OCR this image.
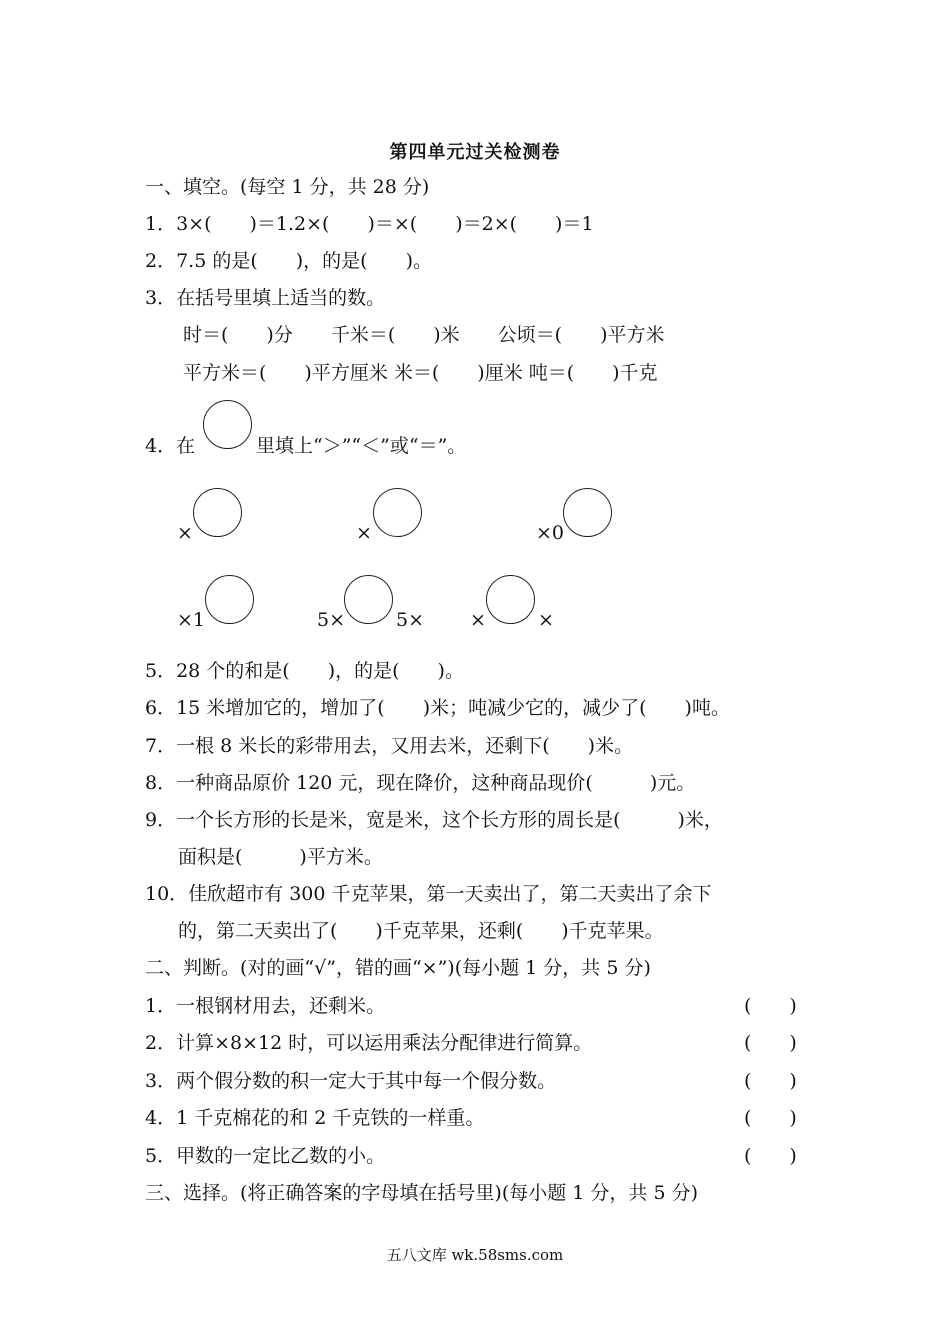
第四单元过关检测卷
一、填空。(每空 1 分，共 28 分)
1．3×(　　)＝1.2×(　　)＝×(　　)＝2×(　　)＝1
2．7.5 的是(　　)，的是(　　)。
3．在括号里填上适当的数。
时＝(　　)分　　千米＝(　　)米　　公顷＝(　　)平方米
平方米＝(　　)平方厘米 米＝(　　)厘米 吨＝(　　)千克
4．在	里填上“＞”“＜”或“＝”。
×	×	×0
×1	5×	5× ×	×
5．28 个的和是(　　)，的是(　　)。
6．15 米增加它的，增加了(　　)米；吨减少它的，减少了(　　)吨。
7．一根 8 米长的彩带用去，又用去米，还剩下(　　)米。
8．一种商品原价 120 元，现在降价，这种商品现价(　　　)元。
9．一个长方形的长是米，宽是米，这个长方形的周长是(　　　)米，
面积是(　　　)平方米。
10．佳欣超市有 300 千克苹果，第一天卖出了，第二天卖出了余下
的，第二天卖出了(　　)千克苹果，还剩(　　)千克苹果。
二、判断。(对的画“√”，错的画“×”)(每小题 1 分，共 5 分)
1．一根钢材用去，还剩米。	(　　)
2．计算×8×12 时，可以运用乘法分配律进行简算。	(　　)
3．两个假分数的积一定大于其中每一个假分数。	(　　)
4．1 千克棉花的和 2 千克铁的一样重。	(　　)
5．甲数的一定比乙数的小。	(　　)
三、选择。(将正确答案的字母填在括号里)(每小题 1 分，共 5 分)
五八文库 wk.58sms.com
